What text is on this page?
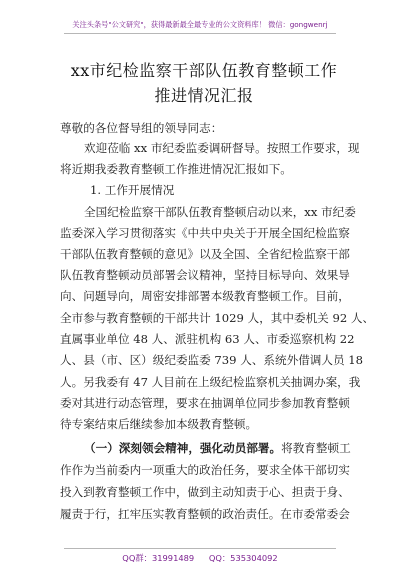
关注头条号"公文研究"，获得最新最全最专业的公文资料库！ 微信：gongwenrj
xx市纪检监察干部队伍教育整顿工作
推进情况汇报
尊敬的各位督导组的领导同志：
欢迎莅临 xx 市纪委监委调研督导。按照工作要求，现
将近期我委教育整顿工作推进情况汇报如下。
1. 工作开展情况
全国纪检监察干部队伍教育整顿启动以来，xx 市纪委
监委深入学习贯彻落实《中共中央关于开展全国纪检监察
干部队伍教育整顿的意见》以及全国、全省纪检监察干部
队伍教育整顿动员部署会议精神，坚持目标导向、效果导
向、问题导向，周密安排部署本级教育整顿工作。目前，
全市参与教育整顿的干部共计 1029 人，其中委机关 92 人、
直属事业单位 48 人、派驻机构 63 人、市委巡察机构 22
人、县（市、区）级纪委监委 739 人、系统外借调人员 18
人。另我委有 47 人目前在上级纪检监察机关抽调办案，我
委对其进行动态管理，要求在抽调单位同步参加教育整顿
待专案结束后继续参加本级教育整顿。
（一）深刻领会精神，强化动员部署。将教育整顿工
作作为当前委内一项重大的政治任务，要求全体干部切实
投入到教育整顿工作中，做到主动知责于心、担责于身、
履责于行，扛牢压实教育整顿的政治责任。在市委常委会
QQ群：31991489 QQ：535304092
